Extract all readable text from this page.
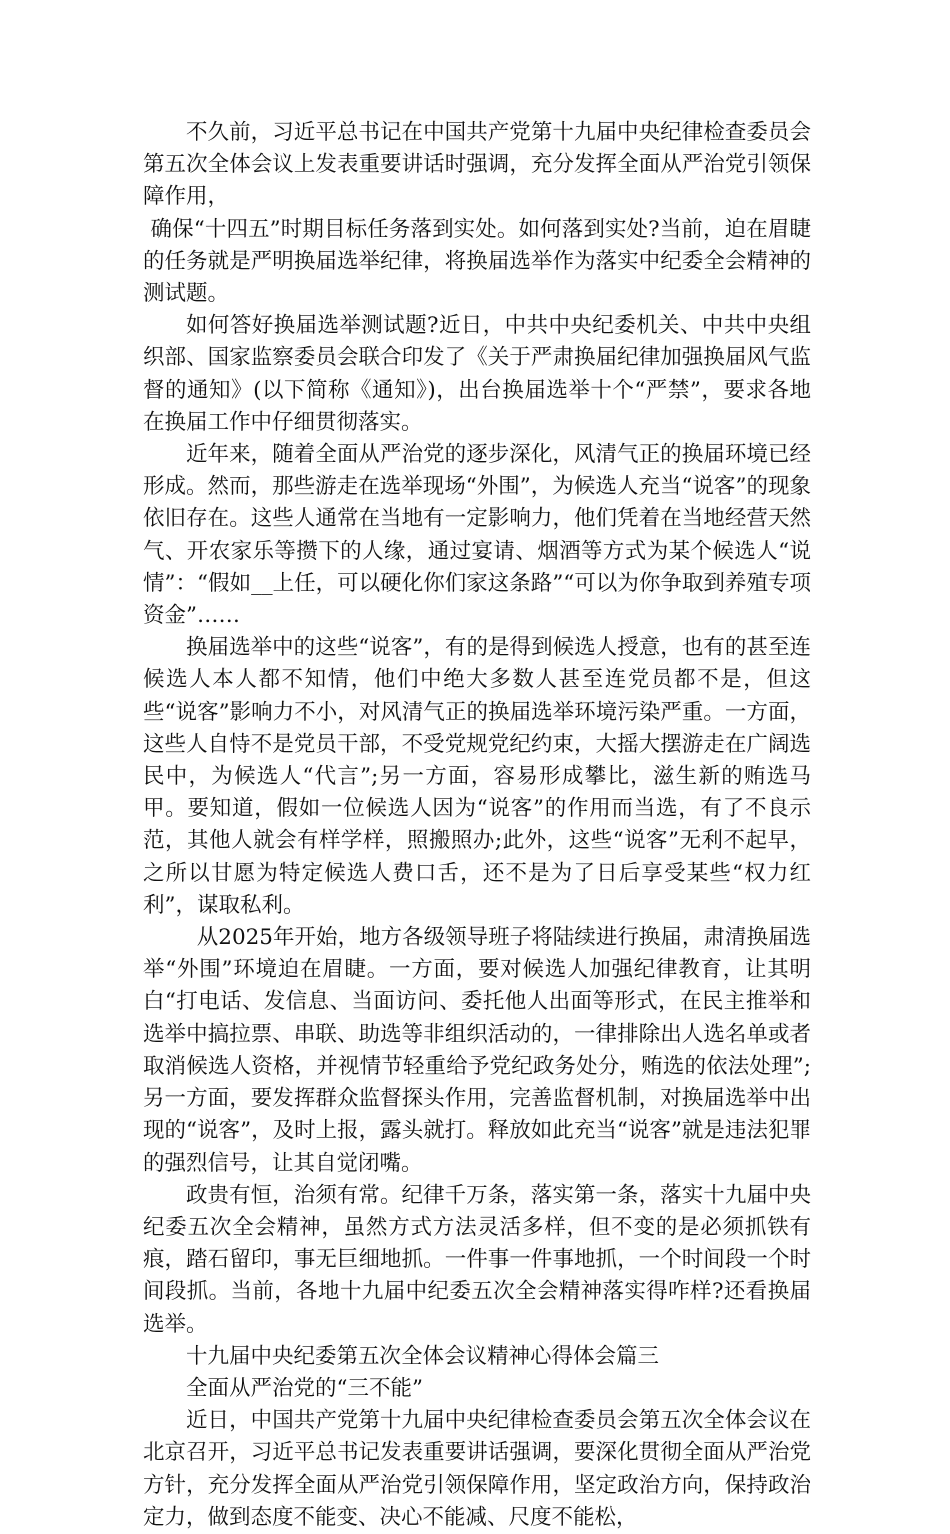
不久前，习近平总书记在中国共产党第十九届中央纪律检查委员会第五次全体会议上发表重要讲话时强调，充分发挥全面从严治党引领保障作用，

确保“十四五”时期目标任务落到实处。如何落到实处?当前，迫在眉睫的任务就是严明换届选举纪律，将换届选举作为落实中纪委全会精神的测试题。

如何答好换届选举测试题?近日，中共中央纪委机关、中共中央组织部、国家监察委员会联合印发了《关于严肃换届纪律加强换届风气监督的通知》(以下简称《通知》)，出台换届选举十个“严禁”，要求各地在换届工作中仔细贯彻落实。

近年来，随着全面从严治党的逐步深化，风清气正的换届环境已经形成。然而，那些游走在选举现场“外围”，为候选人充当“说客”的现象依旧存在。这些人通常在当地有一定影响力，他们凭着在当地经营天然气、开农家乐等攒下的人缘，通过宴请、烟酒等方式为某个候选人“说情”：“假如__上任，可以硬化你们家这条路”“可以为你争取到养殖专项资金”……

换届选举中的这些“说客”，有的是得到候选人授意，也有的甚至连候选人本人都不知情，他们中绝大多数人甚至连党员都不是，但这些“说客”影响力不小，对风清气正的换届选举环境污染严重。一方面，这些人自恃不是党员干部，不受党规党纪约束，大摇大摆游走在广阔选民中，为候选人“代言”;另一方面，容易形成攀比，滋生新的贿选马甲。要知道，假如一位候选人因为“说客”的作用而当选，有了不良示范，其他人就会有样学样，照搬照办;此外，这些“说客”无利不起早，之所以甘愿为特定候选人费口舌，还不是为了日后享受某些“权力红利”，谋取私利。

从2025年开始，地方各级领导班子将陆续进行换届，肃清换届选举“外围”环境迫在眉睫。一方面，要对候选人加强纪律教育，让其明白“打电话、发信息、当面访问、委托他人出面等形式，在民主推举和选举中搞拉票、串联、助选等非组织活动的，一律排除出人选名单或者取消候选人资格，并视情节轻重给予党纪政务处分，贿选的依法处理”;另一方面，要发挥群众监督探头作用，完善监督机制，对换届选举中出现的“说客”，及时上报，露头就打。释放如此充当“说客”就是违法犯罪的强烈信号，让其自觉闭嘴。

政贵有恒，治须有常。纪律千万条，落实第一条，落实十九届中央纪委五次全会精神，虽然方式方法灵活多样，但不变的是必须抓铁有痕，踏石留印，事无巨细地抓。一件事一件事地抓，一个时间段一个时间段抓。当前，各地十九届中纪委五次全会精神落实得咋样?还看换届选举。

十九届中央纪委第五次全体会议精神心得体会篇三

全面从严治党的“三不能”

近日，中国共产党第十九届中央纪律检查委员会第五次全体会议在北京召开，习近平总书记发表重要讲话强调，要深化贯彻全面从严治党方针，充分发挥全面从严治党引领保障作用，坚定政治方向，保持政治定力，做到态度不能变、决心不能减、尺度不能松，
